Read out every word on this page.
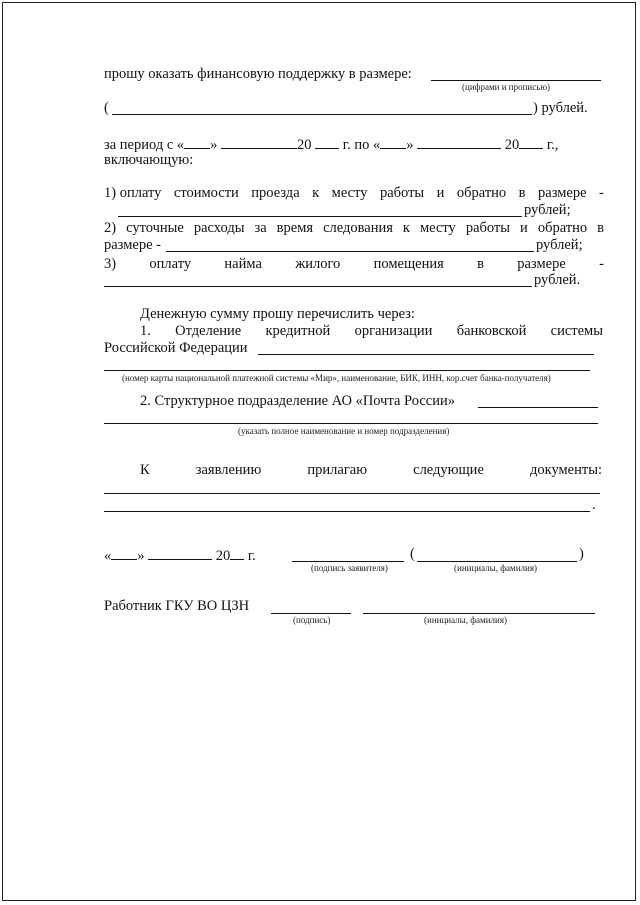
прошу оказать финансовую поддержку в размере:
(цифрами и прописью)
(	) рублей.
за период с « »	20 г. по « »	20 г.,
включающую:
1) оплату стоимости проезда к месту работы и обратно в размере -
рублей;
2) суточные расходы за время следования к месту работы и обратно в
размере -	рублей;
3) оплату найма жилого помещения в размере -
рублей.
Денежную сумму прошу перечислить через:
1. Отделение кредитной организации банковской системы
Российской Федерации
(номер карты национальной платежной системы «Мир», наименование, БИК, ИНН, кор.счет банка-получателя)
2. Структурное подразделение АО «Почта России»
(указать полное наименование и номер подразделения)
К	заявлению	прилагаю	следующие	документы:
.
« »	20 г.
(подпись заявителя)
(	)
(инициалы, фамилия)
Работник ГКУ ВО ЦЗН
(подпись)	(инициалы, фамилия)
